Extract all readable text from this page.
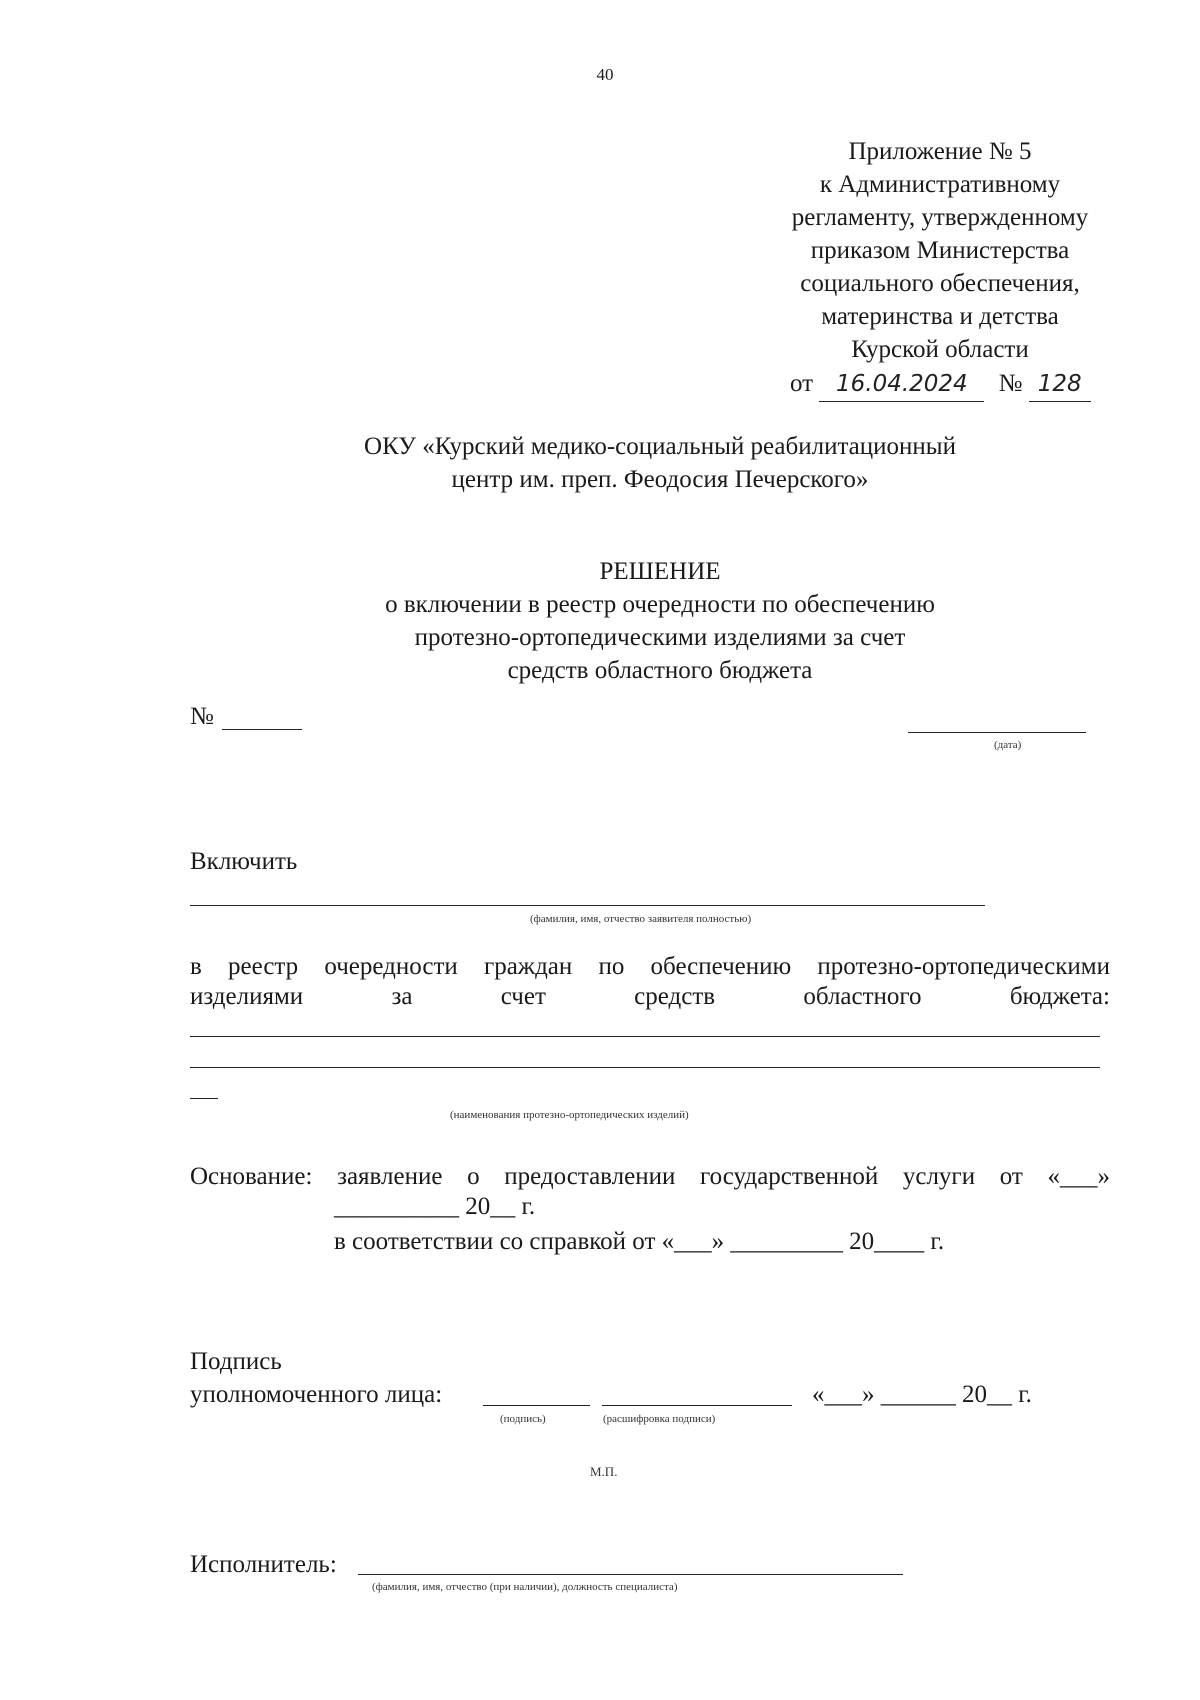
40
Приложение № 5
к Административному
регламенту, утвержденному
приказом Министерства
социального обеспечения,
материнства и детства
Курской области
от 16.04.2024 № 128
ОКУ «Курский медико-социальный реабилитационный
центр им. преп. Феодосия Печерского»
РЕШЕНИЕ
о включении в реестр очередности по обеспечению
протезно-ортопедическими изделиями за счет
средств областного бюджета
№
(дата)
Включить
(фамилия, имя, отчество заявителя полностью)
в реестр очередности граждан по обеспечению протезно-ортопедическими
изделиями	за	счет	средств	областного	бюджета:
(наименования протезно-ортопедических изделий)
Основание: заявление о предоставлении государственной услуги от «___»
__________ 20__ г.
в соответствии со справкой от «___» _________ 20____ г.
Подпись
уполномоченного лица:	«___» ______ 20__ г.
(подпись)	(расшифровка подписи)
М.П.
Исполнитель:
(фамилия, имя, отчество (при наличии), должность специалиста)
